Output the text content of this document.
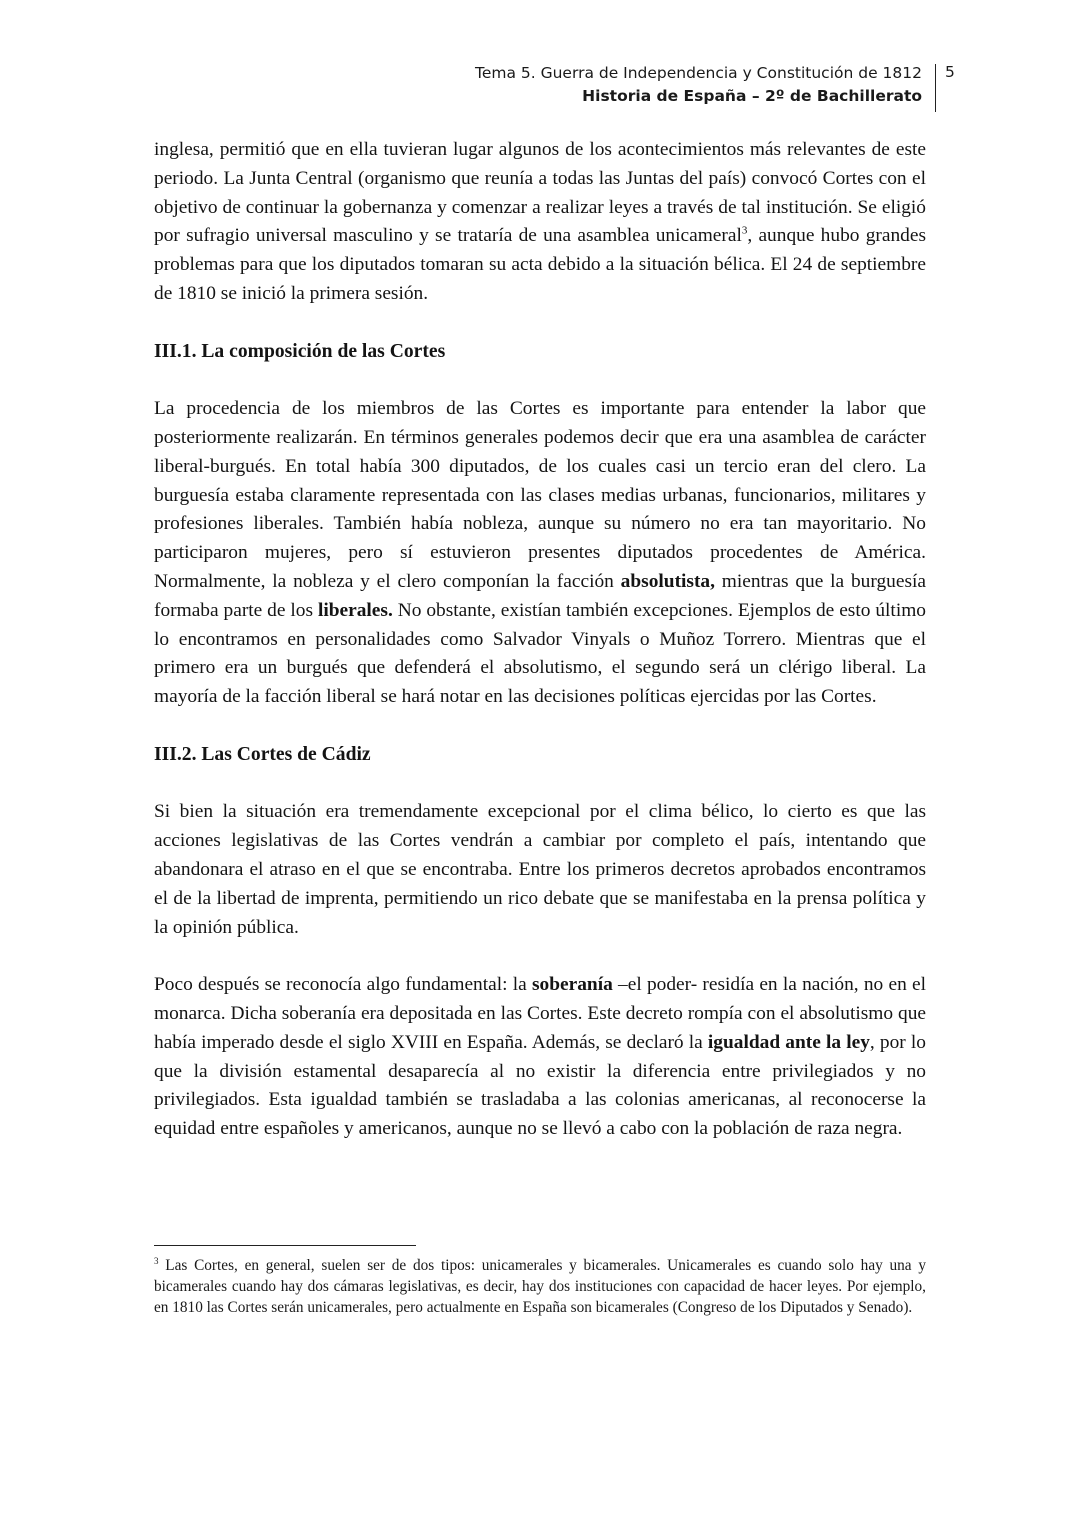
Tema 5. Guerra de Independencia y Constitución de 1812
Historia de España – 2º de Bachillerato
5

inglesa, permitió que en ella tuvieran lugar algunos de los acontecimientos más relevantes de este periodo. La Junta Central (organismo que reunía a todas las Juntas del país) convocó Cortes con el objetivo de continuar la gobernanza y comenzar a realizar leyes a través de tal institución. Se eligió por sufragio universal masculino y se trataría de una asamblea unicameral$^3$, aunque hubo grandes problemas para que los diputados tomaran su acta debido a la situación bélica. El 24 de septiembre de 1810 se inició la primera sesión.

III.1. La composición de las Cortes

La procedencia de los miembros de las Cortes es importante para entender la labor que posteriormente realizarán. En términos generales podemos decir que era una asamblea de carácter liberal-burgués. En total había 300 diputados, de los cuales casi un tercio eran del clero. La burguesía estaba claramente representada con las clases medias urbanas, funcionarios, militares y profesiones liberales. También había nobleza, aunque su número no era tan mayoritario. No participaron mujeres, pero sí estuvieron presentes diputados procedentes de América. Normalmente, la nobleza y el clero componían la facción absolutista, mientras que la burguesía formaba parte de los liberales. No obstante, existían también excepciones. Ejemplos de esto último lo encontramos en personalidades como Salvador Vinyals o Muñoz Torrero. Mientras que el primero era un burgués que defenderá el absolutismo, el segundo será un clérigo liberal. La mayoría de la facción liberal se hará notar en las decisiones políticas ejercidas por las Cortes.

III.2. Las Cortes de Cádiz

Si bien la situación era tremendamente excepcional por el clima bélico, lo cierto es que las acciones legislativas de las Cortes vendrán a cambiar por completo el país, intentando que abandonara el atraso en el que se encontraba. Entre los primeros decretos aprobados encontramos el de la libertad de imprenta, permitiendo un rico debate que se manifestaba en la prensa política y la opinión pública.

Poco después se reconocía algo fundamental: la soberanía –el poder- residía en la nación, no en el monarca. Dicha soberanía era depositada en las Cortes. Este decreto rompía con el absolutismo que había imperado desde el siglo XVIII en España. Además, se declaró la igualdad ante la ley, por lo que la división estamental desaparecía al no existir la diferencia entre privilegiados y no privilegiados. Esta igualdad también se trasladaba a las colonias americanas, al reconocerse la equidad entre españoles y americanos, aunque no se llevó a cabo con la población de raza negra.

$^3$ Las Cortes, en general, suelen ser de dos tipos: unicamerales y bicamerales. Unicamerales es cuando solo hay una y bicamerales cuando hay dos cámaras legislativas, es decir, hay dos instituciones con capacidad de hacer leyes. Por ejemplo, en 1810 las Cortes serán unicamerales, pero actualmente en España son bicamerales (Congreso de los Diputados y Senado).
